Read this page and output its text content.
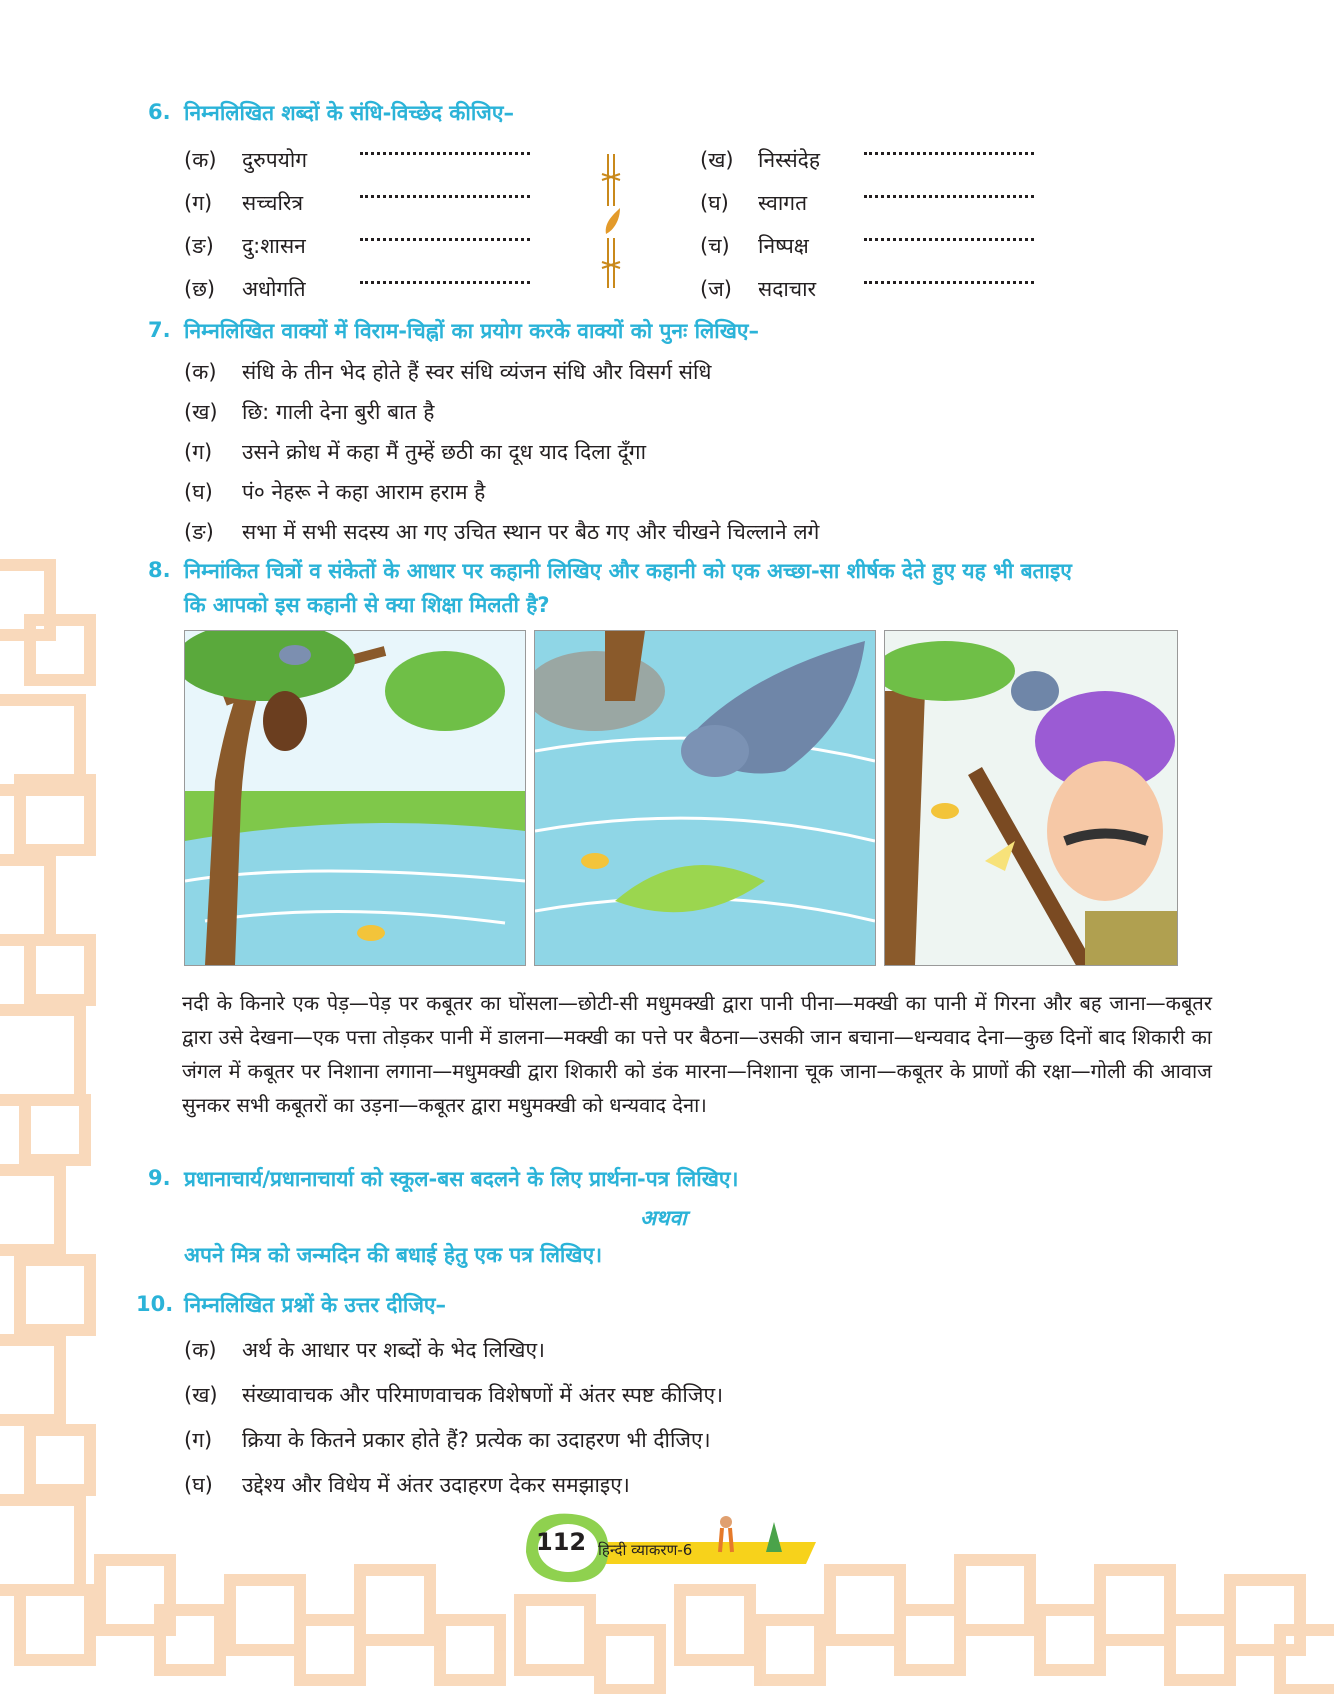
6. निम्नलिखित शब्दों के संधि-विच्छेद कीजिए–
(क) दुरुपयोग
(ग) सच्चरित्र
(ङ) दु:शासन
(छ) अधोगति
(ख) निस्संदेह
(घ) स्वागत
(च) निष्पक्ष
(ज) सदाचार
7. निम्नलिखित वाक्यों में विराम-चिह्नों का प्रयोग करके वाक्यों को पुनः लिखिए–
(क) संधि के तीन भेद होते हैं स्वर संधि व्यंजन संधि और विसर्ग संधि
(ख) छि: गाली देना बुरी बात है
(ग) उसने क्रोध में कहा मैं तुम्हें छठी का दूध याद दिला दूँगा
(घ) पं० नेहरू ने कहा आराम हराम है
(ङ) सभा में सभी सदस्य आ गए उचित स्थान पर बैठ गए और चीखने चिल्लाने लगे
8. निम्नांकित चित्रों व संकेतों के आधार पर कहानी लिखिए और कहानी को एक अच्छा-सा शीर्षक देते हुए यह भी बताइए
कि आपको इस कहानी से क्या शिक्षा मिलती है?
नदी के किनारे एक पेड़—पेड़ पर कबूतर का घोंसला—छोटी-सी मधुमक्खी द्वारा पानी पीना—मक्खी का पानी में गिरना और बह जाना—कबूतर द्वारा उसे देखना—एक पत्ता तोड़कर पानी में डालना—मक्खी का पत्ते पर बैठना—उसकी जान बचाना—धन्यवाद देना—कुछ दिनों बाद शिकारी का जंगल में कबूतर पर निशाना लगाना—मधुमक्खी द्वारा शिकारी को डंक मारना—निशाना चूक जाना—कबूतर के प्राणों की रक्षा—गोली की आवाज सुनकर सभी कबूतरों का उड़ना—कबूतर द्वारा मधुमक्खी को धन्यवाद देना।
9. प्रधानाचार्य/प्रधानाचार्या को स्कूल-बस बदलने के लिए प्रार्थना-पत्र लिखिए।
अथवा
अपने मित्र को जन्मदिन की बधाई हेतु एक पत्र लिखिए।
10. निम्नलिखित प्रश्नों के उत्तर दीजिए–
(क) अर्थ के आधार पर शब्दों के भेद लिखिए।
(ख) संख्यावाचक और परिमाणवाचक विशेषणों में अंतर स्पष्ट कीजिए।
(ग) क्रिया के कितने प्रकार होते हैं? प्रत्येक का उदाहरण भी दीजिए।
(घ) उद्देश्य और विधेय में अंतर उदाहरण देकर समझाइए।
112 हिन्दी व्याकरण-6
